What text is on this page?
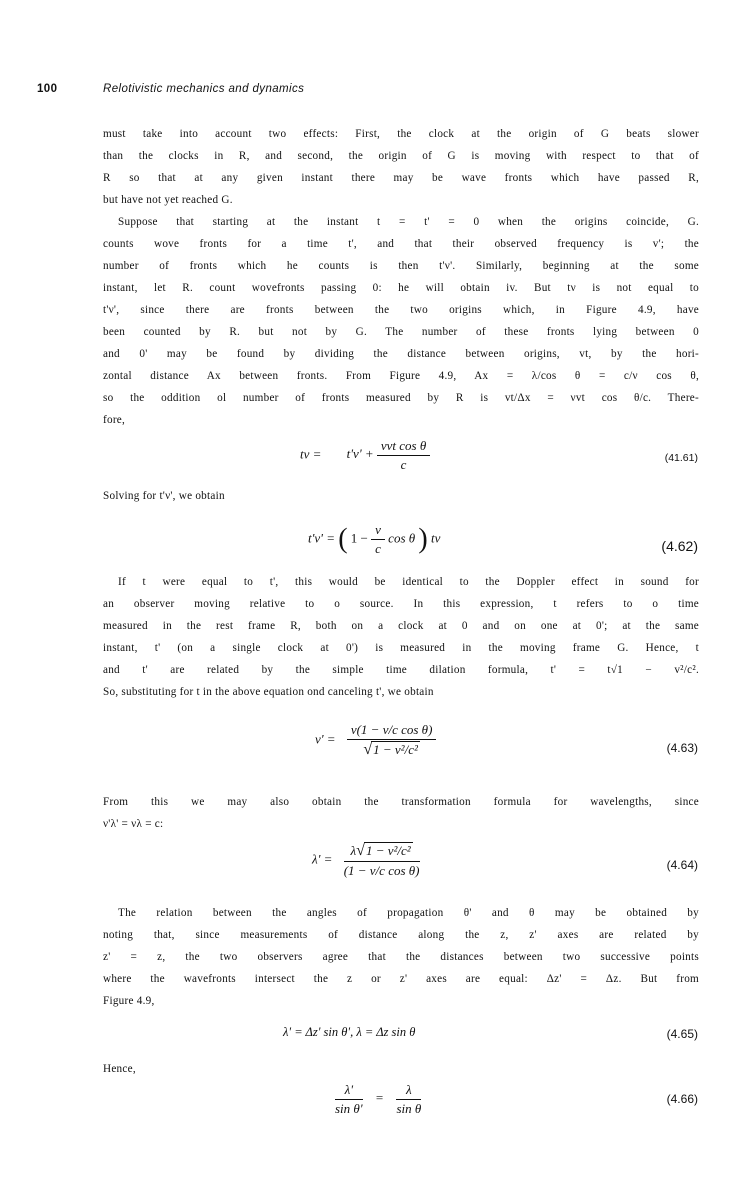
100	Relotivistic mechanics and dynamics
must take into account two effects: First, the clock at the origin of G beats slower
than the clocks in R, and second, the origin of G is moving with respect to that of
R so that at any given instant there may be wave fronts which have passed R,
but have not yet reached G.
Suppose that starting at the instant t = t' = 0 when the origins coincide, G.
counts wove fronts for a time t', and that their observed frequency is v'; the
number of fronts which he counts is then t'ν'. Similarly, beginning at the some
instant, let R. count wovefronts passing 0: he will obtain iv. But tν is not equal to
t'ν', since there are fronts between the two origins which, in Figure 4.9, have
been counted by R. but not by G. The number of these fronts lying between 0
and 0' may be found by dividing the distance between origins, vt, by the hori-
zontal distance Ax between fronts. From Figure 4.9, Ax = λ/cos θ = c/ν cos θ,
so the oddition ol number of fronts measured by R is vt/Δx = νvt cos θ/c. There-
fore,
$t\nu = t'\nu' + \frac{\text{νvt cos θ}}{c}$	(41.61)
Solving for t'ν', we obtain
t'ν' = ( $1 - \frac{v}{c}$ cos θ ) tν
(4.62)
If t were equal to t', this would be identical to the Doppler effect in sound for
an observer moving relative to o source. In this expression, t refers to o time
measured in the rest frame R, both on a clock at 0 and on one at 0'; at the same
instant, t' (on a single clock at 0') is measured in the moving frame G. Hence, t
and t' are related by the simple time dilation formula, t' = t√1 − v²/c².
So, substituting for t in the above equation ond canceling t', we obtain
$\nu' = \frac{\text{ν(1 − v/c cos θ)}}{\text{√1 − v²/c²}}$	(4.63)
From this we may also obtain the transformation formula for wavelengths, since
ν'λ' = νλ = c:
$\lambda' = \frac{\text{λ√1 − v²/c²}}{\text{(1 − v/c cos θ)}}$	(4.64)
The relation between the angles of propagation θ' and θ may be obtained by
noting that, since measurements of distance along the z, z' axes are related by
z' = z, the two observers agree that the distances between two successive points
where the wavefronts intersect the z or z' axes are equal: Δz' = Δz. But from
Figure 4.9,
λ' = Δz' sin θ', λ = Δz sin θ	(4.65)
Hence,
$\frac{\lambda'}{\text{sin θ'}} = \frac{\lambda}{\text{sin θ}}$	(4.66)
